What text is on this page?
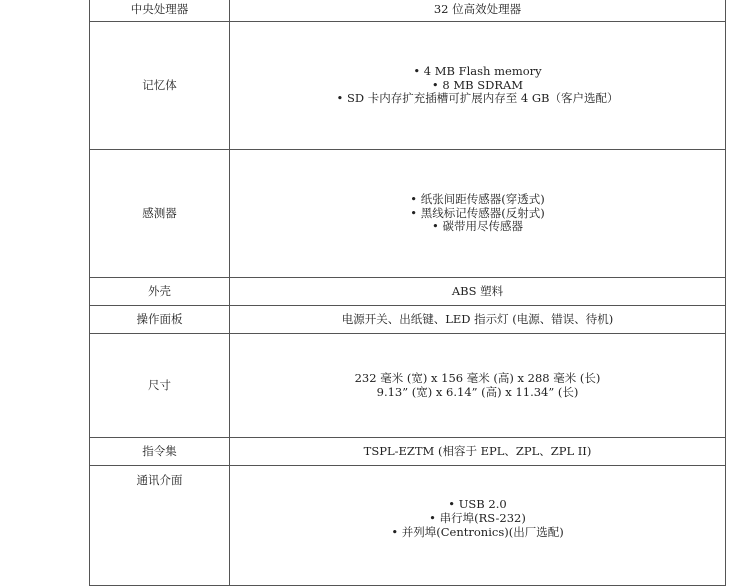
中央处理器	32 位高效处理器

记忆体	• 4 MB Flash memory
• 8 MB SDRAM
• SD 卡内存扩充插槽可扩展内存至 4 GB（客户选配）

感测器	• 纸张间距传感器(穿透式)
• 黑线标记传感器(反射式)
• 碳带用尽传感器

外壳	ABS 塑料

操作面板	电源开关、出纸键、LED 指示灯 (电源、错误、待机)

尺寸	232 毫米 (宽) x 156 毫米 (高) x 288 毫米 (长)
9.13” (宽) x 6.14” (高) x 11.34” (长)

指令集	TSPL-EZTM (相容于 EPL、ZPL、ZPL II)

通讯介面	• USB 2.0
• 串行埠(RS-232)
• 并列埠(Centronics)(出厂选配)
